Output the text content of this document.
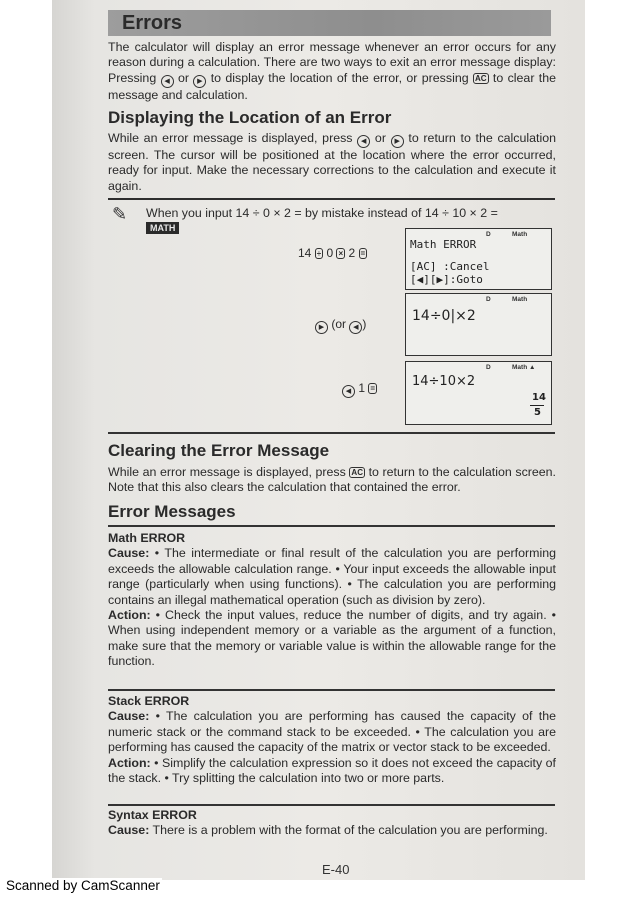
Errors

The calculator will display an error message whenever an error occurs for any reason during a calculation. There are two ways to exit an error message display: Pressing ◀ or ▶ to display the location of the error, or pressing AC to clear the message and calculation.

Displaying the Location of an Error

While an error message is displayed, press ◀ or ▶ to return to the calculation screen. The cursor will be positioned at the location where the error occurred, ready for input. Make the necessary corrections to the calculation and execute it again.

✎ When you input 14 ÷ 0 × 2 = by mistake instead of 14 ÷ 10 × 2 =
MATH
14 ÷ 0 × 2 =
D	Math
Math ERROR
[AC] :Cancel
[◀][▶]:Goto
▶ (or ◀ )
D	Math
14÷0|×2
◀ 1 =
D	Math ▲
14÷10×2
14
5
Clearing the Error Message

While an error message is displayed, press AC to return to the calculation screen. Note that this also clears the calculation that contained the error.

Error Messages

Math ERROR

Cause: • The intermediate or final result of the calculation you are performing exceeds the allowable calculation range. • Your input exceeds the allowable input range (particularly when using functions). • The calculation you are performing contains an illegal mathematical operation (such as division by zero).

Action: • Check the input values, reduce the number of digits, and try again. • When using independent memory or a variable as the argument of a function, make sure that the memory or variable value is within the allowable range for the function.

Stack ERROR

Cause: • The calculation you are performing has caused the capacity of the numeric stack or the command stack to be exceeded. • The calculation you are performing has caused the capacity of the matrix or vector stack to be exceeded.

Action: • Simplify the calculation expression so it does not exceed the capacity of the stack. • Try splitting the calculation into two or more parts.

Syntax ERROR

Cause: There is a problem with the format of the calculation you are performing.

E-40
Scanned by CamScanner
